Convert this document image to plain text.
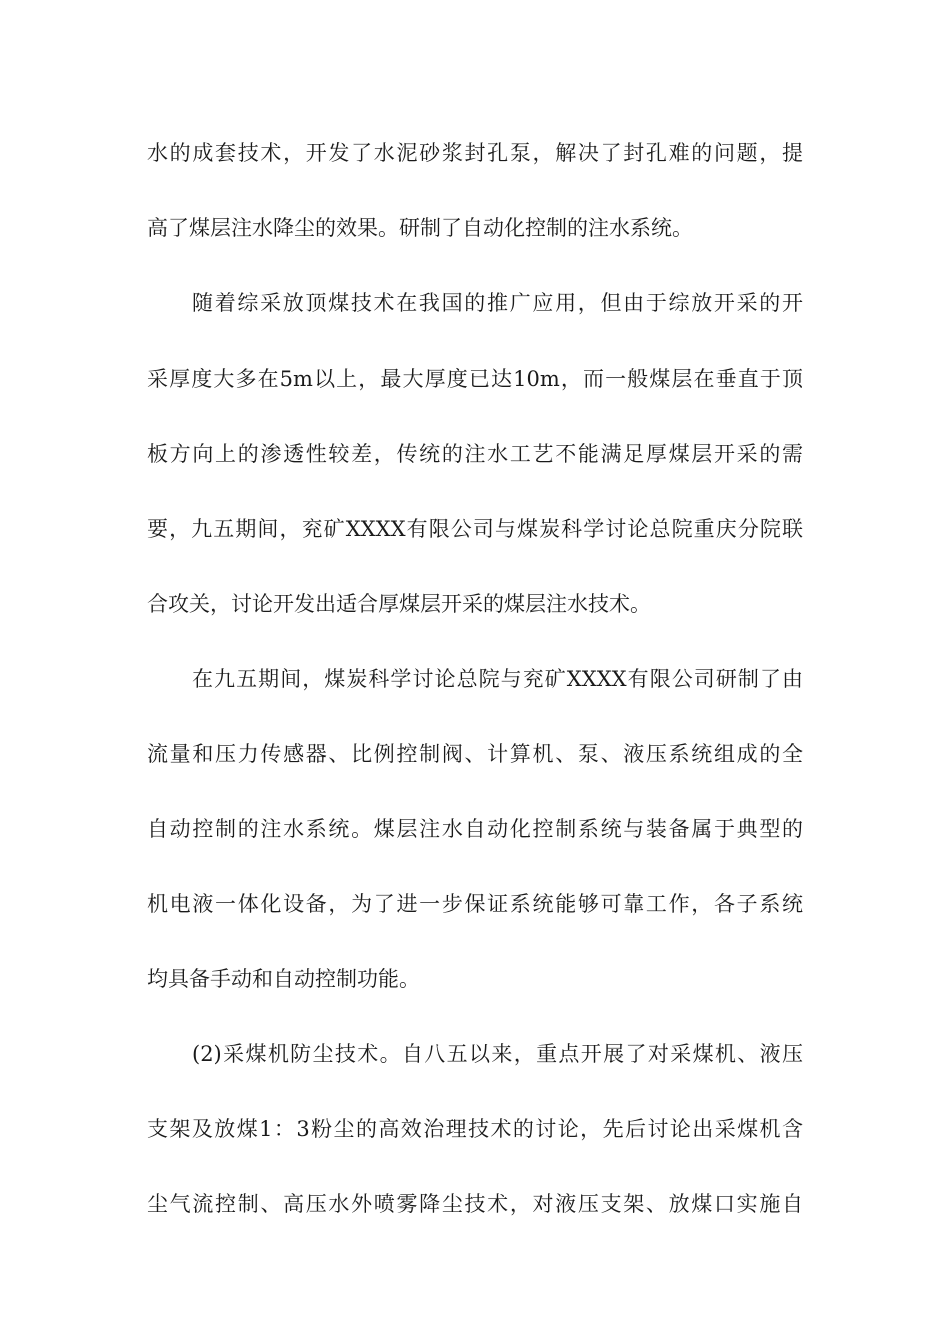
水的成套技术，开发了水泥砂浆封孔泵，解决了封孔难的问题，提
高了煤层注水降尘的效果。研制了自动化控制的注水系统。
随着综采放顶煤技术在我国的推广应用，但由于综放开采的开
采厚度大多在5m以上，最大厚度已达10m，而一般煤层在垂直于顶
板方向上的渗透性较差，传统的注水工艺不能满足厚煤层开采的需
要，九五期间，兖矿XXXX有限公司与煤炭科学讨论总院重庆分院联
合攻关，讨论开发出适合厚煤层开采的煤层注水技术。
在九五期间，煤炭科学讨论总院与兖矿XXXX有限公司研制了由
流量和压力传感器、比例控制阀、计算机、泵、液压系统组成的全
自动控制的注水系统。煤层注水自动化控制系统与装备属于典型的
机电液一体化设备，为了进一步保证系统能够可靠工作，各子系统
均具备手动和自动控制功能。
(2)采煤机防尘技术。自八五以来，重点开展了对采煤机、液压
支架及放煤1：3粉尘的高效治理技术的讨论，先后讨论出采煤机含
尘气流控制、高压水外喷雾降尘技术，对液压支架、放煤口实施自
